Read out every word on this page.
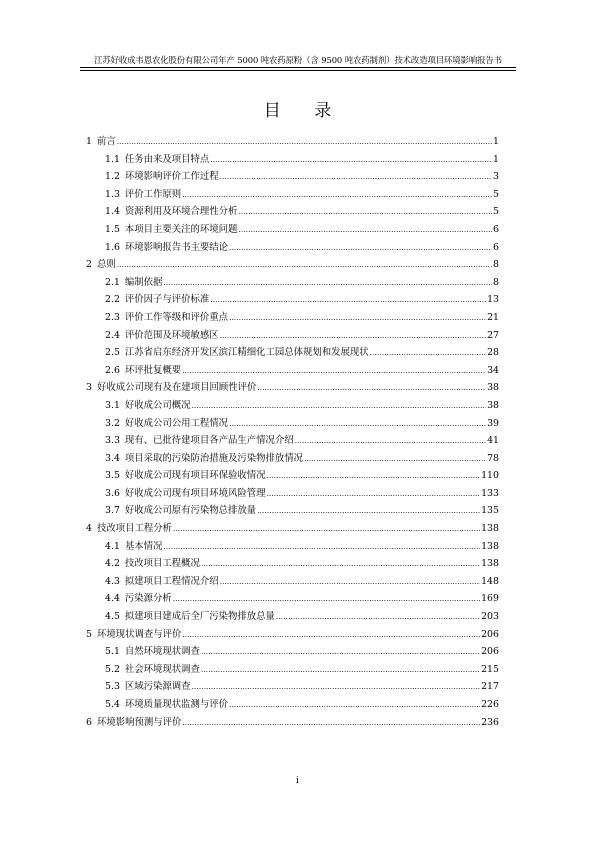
江苏好收成韦恩农化股份有限公司年产 5000 吨农药原粉（含 9500 吨农药制剂）技术改造项目环境影响报告书
目 录
1 前言 .....	1
1.1 任务由来及项目特点 .....	1
1.2 环境影响评价工作过程 .....	3
1.3 评价工作原则 .....	5
1.4 资源利用及环境合理性分析 .....	5
1.5 本项目主要关注的环境问题 .....	6
1.6 环境影响报告书主要结论 .....	6
2 总则 .....	8
2.1 编制依据 .....	8
2.2 评价因子与评价标准 .....	13
2.3 评价工作等级和评价重点 .....	21
2.4 评价范围及环境敏感区 .....	27
2.5 江苏省启东经济开发区滨江精细化工园总体规划和发展现状 .....	28
2.6 环评批复概要 .....	34
3 好收成公司现有及在建项目回顾性评价 .....	38
3.1 好收成公司概况 .....	38
3.2 好收成公司公用工程情况 .....	39
3.3 现有、已批待建项目各产品生产情况介绍 .....	41
3.4 项目采取的污染防治措施及污染物排放情况 .....	78
3.5 好收成公司现有项目环保验收情况 .....	110
3.6 好收成公司现有项目环境风险管理 .....	133
3.7 好收成公司原有污染物总排放量 .....	135
4 技改项目工程分析 .....	138
4.1 基本情况 .....	138
4.2 技改项目工程概况 .....	138
4.3 拟建项目工程情况介绍 .....	148
4.4 污染源分析 .....	169
4.5 拟建项目建成后全厂污染物排放总量 .....	203
5 环境现状调查与评价 .....	206
5.1 自然环境现状调查 .....	206
5.2 社会环境现状调查 .....	215
5.3 区域污染源调查 .....	217
5.4 环境质量现状监测与评价 .....	226
6 环境影响预测与评价 .....	236
i
